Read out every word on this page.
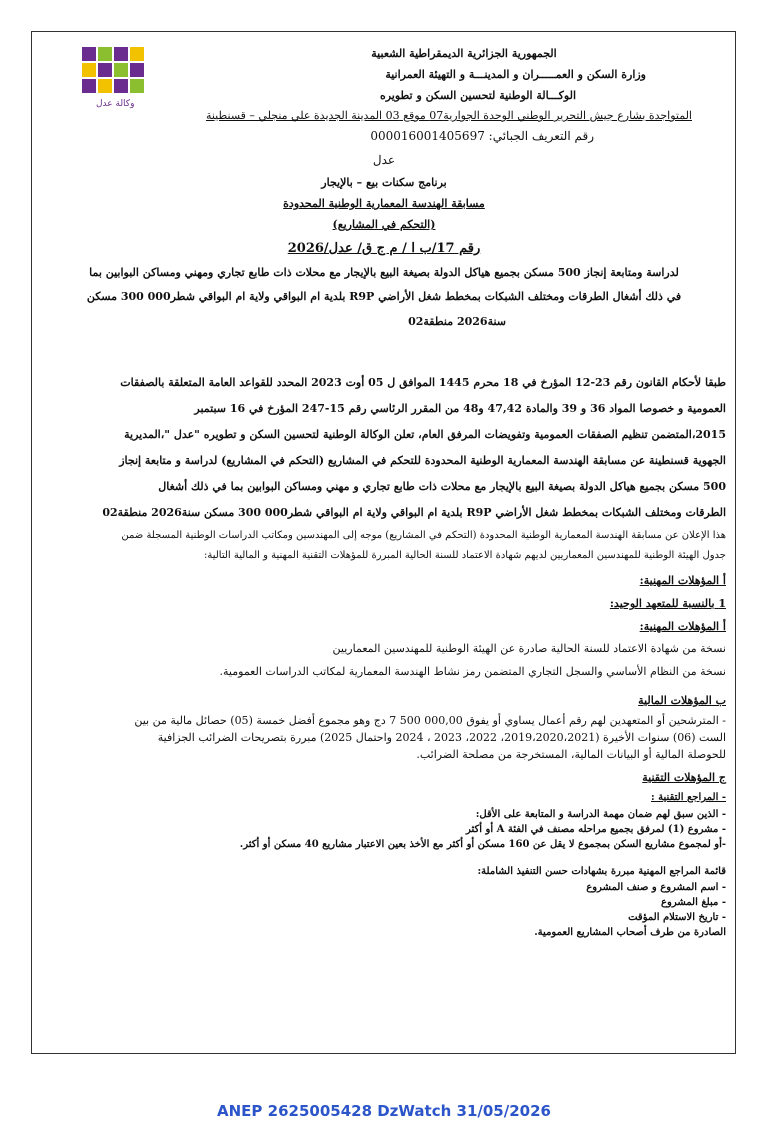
وكالة عدل

الجمهورية الجزائرية الديمقراطية الشعبية

وزارة السكن و العمـــــران و المدينـــة و التهيئة العمرانية

الوكـــالة الوطنية لتحسين السكن و تطويره

المتواجدة بشارع جيش التحرير الوطني الوحدة الجوارية07 موقع 03 المدينة الجديدة علي منجلي – قسنطينة

رقم التعريف الجبائي: 000016001405697

عدل

برنامج سكنات بيع – بالإيجار

مسابقة الهندسة المعمارية الوطنية المحدودة

(التحكم في المشاريع)

رقم 17/ب ا / م ج ق/ عدل/2026

لدراسة ومتابعة إنجاز 500 مسكن بجميع هياكل الدولة بصيغة البيع بالإيجار مع محلات ذات طابع تجاري ومهني ومساكن البوابين بما

في ذلك أشغال الطرقات ومختلف الشبكات بمخطط شغل الأراضي R9P بلدية ام البواقي ولاية ام البواقي شطر000 300 مسكن

سنة2026 منطقة02

طبقا لأحكام القانون رقم 23-12 المؤرخ في 18 محرم 1445 الموافق ل 05 أوت 2023 المحدد للقواعد العامة المتعلقة بالصفقات

العمومية و خصوصا المواد 36 و 39 والمادة 47,42 و48 من المقرر الرئاسي رقم 15-247 المؤرخ في 16 سبتمبر

2015،المتضمن تنظيم الصفقات العمومية وتفويضات المرفق العام، تعلن الوكالة الوطنية لتحسين السكن و تطويره "عدل "،المديرية

الجهوية قسنطينة عن مسابقة الهندسة المعمارية الوطنية المحدودة للتحكم في المشاريع (التحكم في المشاريع) لدراسة و متابعة إنجاز

500 مسكن بجميع هياكل الدولة بصيغة البيع بالإيجار مع محلات ذات طابع تجاري و مهني ومساكن البوابين بما في ذلك أشغال

الطرقات ومختلف الشبكات بمخطط شغل الأراضي R9P بلدية ام البواقي ولاية ام البواقي شطر000 300 مسكن سنة2026 منطقة02

هذا الإعلان عن مسابقة الهندسة المعمارية الوطنية المحدودة (التحكم في المشاريع) موجه إلى المهندسين ومكاتب الدراسات الوطنية المسجلة ضمن

جدول الهيئة الوطنية للمهندسين المعماريين لديهم شهادة الاعتماد للسنة الحالية المبررة للمؤهلات التقنية المهنية و المالية التالية:

أ المؤهلات المهنية:

1 بالنسبة للمتعهد الوحيد:

أ المؤهلات المهنية:

نسخة من شهادة الاعتماد للسنة الحالية صادرة عن الهيئة الوطنية للمهندسين المعماريين

نسخة من النظام الأساسي والسجل التجاري المتضمن رمز نشاط الهندسة المعمارية لمكاتب الدراسات العمومية.

ب المؤهلات المالية

- المترشحين أو المتعهدين لهم رقم أعمال يساوي أو يفوق 000,00 500 7 دج وهو مجموع أفضل خمسة (05) حصائل مالية من بين

الست (06) سنوات الأخيرة (2019،2020،2021، 2022، 2023 ، 2024 واحتمال 2025) مبررة بتصريحات الضرائب الجزافية

للحوصلة المالية أو البيانات المالية، المستخرجة من مصلحة الضرائب.

ج المؤهلات التقنية

- المراجع التقنية :

- الذين سبق لهم ضمان مهمة الدراسة و المتابعة على الأقل:

- مشروع (1) لمرفق بجميع مراحله مصنف في الفئة A أو أكثر

-أو لمجموع مشاريع السكن بمجموع لا يقل عن 160 مسكن أو أكثر مع الأخذ بعين الاعتبار مشاريع 40 مسكن أو أكثر.

قائمة المراجع المهنية مبررة بشهادات حسن التنفيذ الشاملة:

- اسم المشروع و صنف المشروع

- مبلغ المشروع

- تاريخ الاستلام المؤقت

الصادرة من طرف أصحاب المشاريع العمومية.

ANEP 2625005428 DzWatch 31/05/2026
